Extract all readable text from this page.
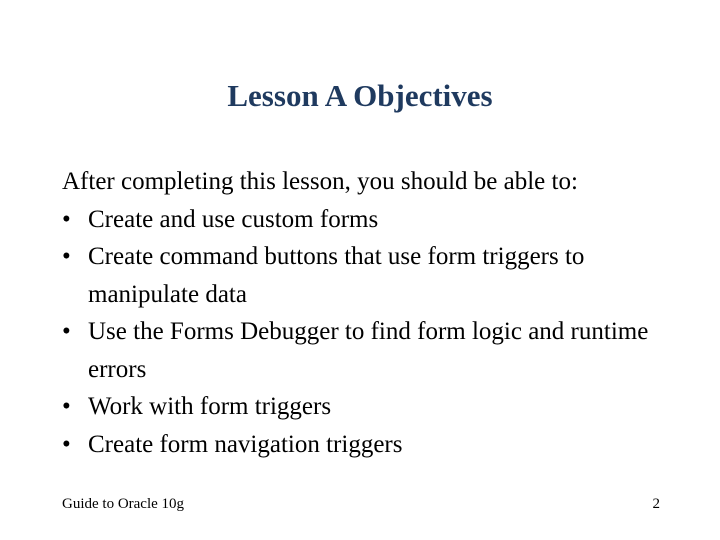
Lesson A Objectives

After completing this lesson, you should be able to:

• Create and use custom forms
• Create command buttons that use form triggers to manipulate data
• Use the Forms Debugger to find form logic and runtime errors
• Work with form triggers
• Create form navigation triggers
Guide to Oracle 10g	2
